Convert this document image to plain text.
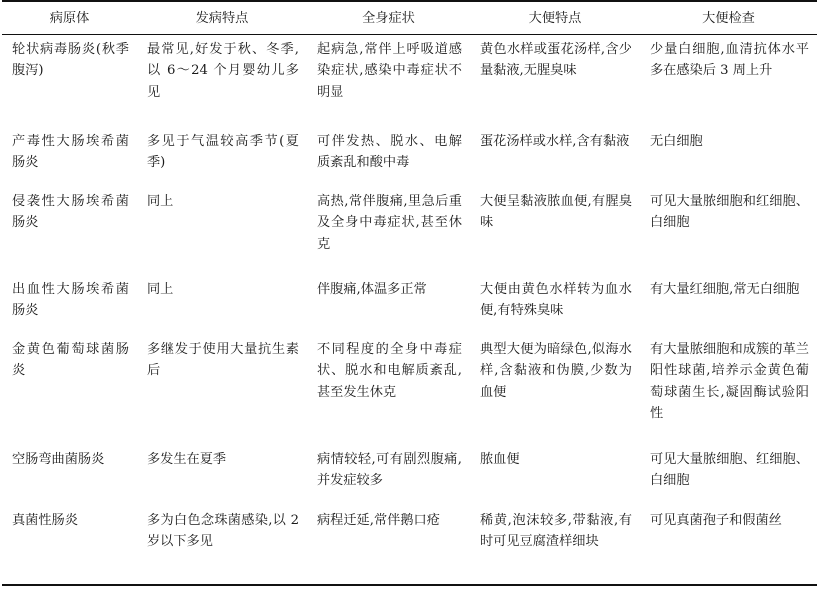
病原体	发病特点	全身症状	大便特点	大便检查
轮状病毒肠炎(秋季腹泻)	最常见,好发于秋、冬季,以 6～24 个月婴幼儿多见	起病急,常伴上呼吸道感染症状,感染中毒症状不明显	黄色水样或蛋花汤样,含少量黏液,无腥臭味	少量白细胞,血清抗体水平多在感染后 3 周上升
产毒性大肠埃希菌肠炎	多见于气温较高季节(夏季)	可伴发热、脱水、电解质紊乱和酸中毒	蛋花汤样或水样,含有黏液	无白细胞
侵袭性大肠埃希菌肠炎	同上	高热,常伴腹痛,里急后重及全身中毒症状,甚至休克	大便呈黏液脓血便,有腥臭味	可见大量脓细胞和红细胞、白细胞
出血性大肠埃希菌肠炎	同上	伴腹痛,体温多正常	大便由黄色水样转为血水便,有特殊臭味	有大量红细胞,常无白细胞
金黄色葡萄球菌肠炎	多继发于使用大量抗生素后	不同程度的全身中毒症状、脱水和电解质紊乱,甚至发生休克	典型大便为暗绿色,似海水样,含黏液和伪膜,少数为血便	有大量脓细胞和成簇的革兰阳性球菌,培养示金黄色葡萄球菌生长,凝固酶试验阳性
空肠弯曲菌肠炎	多发生在夏季	病情较轻,可有剧烈腹痛,并发症较多	脓血便	可见大量脓细胞、红细胞、白细胞
真菌性肠炎	多为白色念珠菌感染,以 2 岁以下多见	病程迁延,常伴鹅口疮	稀黄,泡沫较多,带黏液,有时可见豆腐渣样细块	可见真菌孢子和假菌丝
